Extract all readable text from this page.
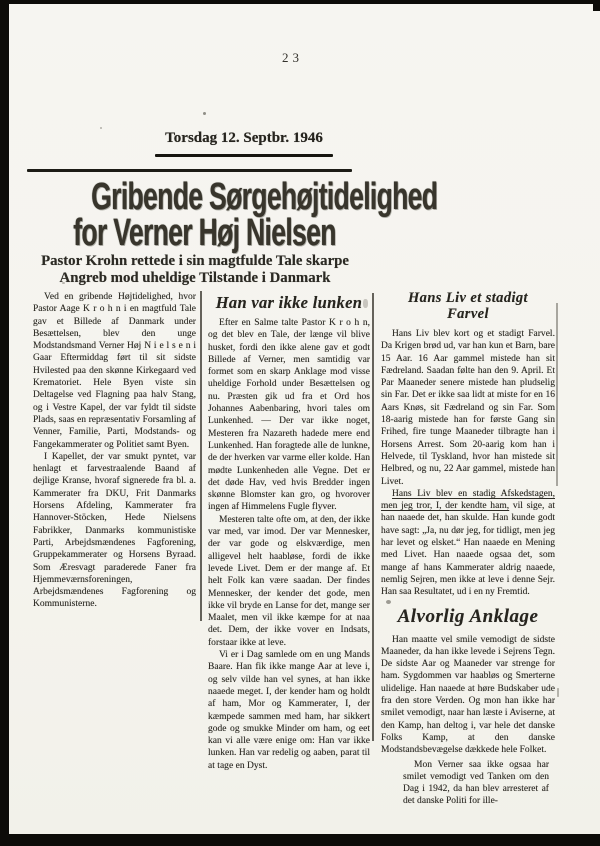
23
Torsdag 12. Septbr. 1946
Gribende Sørgehøjtidelighed
for Verner Høj Nielsen
Pastor Krohn rettede i sin magtfulde Tale skarpe
Angreb mod uheldige Tilstande i Danmark

Ved en gribende Højtidelighed, hvor Pastor Aage K r o h n i en magtfuld Tale gav et Billede af Danmark under Besættelsen, blev den unge Modstandsmand Verner Høj N i e l s e n i Gaar Eftermiddag ført til sit sidste Hvilested paa den skønne Kirkegaard ved Krematoriet. Hele Byen viste sin Deltagelse ved Flagning paa halv Stang, og i Vestre Kapel, der var fyldt til sidste Plads, saas en repræsentativ Forsamling af Venner, Familie, Parti, Modstands- og Fangekammerater og Politiet samt Byen.

I Kapellet, der var smukt pyntet, var henlagt et farvestraalende Baand af dejlige Kranse, hvoraf signerede fra bl. a. Kammerater fra DKU, Frit Danmarks Horsens Afdeling, Kammerater fra Hannover-Stöcken, Hede Nielsens Fabrikker, Danmarks kommunistiske Parti, Arbejdsmændenes Fagforening, Gruppekammerater og Horsens Byraad. Som Æresvagt paraderede Faner fra Hjemmeværnsforeningen, Arbejdsmændenes Fagforening og Kommunisterne.

Han var ikke lunken

Efter en Salme talte Pastor K r o h n, og det blev en Tale, der længe vil blive husket, fordi den ikke alene gav et godt Billede af Verner, men samtidig var formet som en skarp Anklage mod visse uheldige Forhold under Besættelsen og nu. Præsten gik ud fra et Ord hos Johannes Aabenbaring, hvori tales om Lunkenhed. — Der var ikke noget, Mesteren fra Nazareth hadede mere end Lunkenhed. Han foragtede alle de lunkne, de der hverken var varme eller kolde. Han mødte Lunkenheden alle Vegne. Det er det døde Hav, ved hvis Bredder ingen skønne Blomster kan gro, og hvorover ingen af Himmelens Fugle flyver.

Mesteren talte ofte om, at den, der ikke var med, var imod. Der var Mennesker, der var gode og elskværdige, men alligevel helt haabløse, fordi de ikke levede Livet. Dem er der mange af. Et helt Folk kan være saadan. Der findes Mennesker, der kender det gode, men ikke vil bryde en Lanse for det, mange ser Maalet, men vil ikke kæmpe for at naa det. Dem, der ikke vover en Indsats, forstaar ikke at leve.

Vi er i Dag samlede om en ung Mands Baare. Han fik ikke mange Aar at leve i, og selv vilde han vel synes, at han ikke naaede meget. I, der kender ham og holdt af ham, Mor og Kammerater, I, der kæmpede sammen med ham, har sikkert gode og smukke Minder om ham, og eet kan vi alle være enige om: Han var ikke lunken. Han var redelig og aaben, parat til at tage en Dyst.

Hans Liv et stadigt
Farvel

Hans Liv blev kort og et stadigt Farvel. Da Krigen brød ud, var han kun et Barn, bare 15 Aar. 16 Aar gammel mistede han sit Fædreland. Saadan følte han den 9. April. Et Par Maaneder senere mistede han pludselig sin Far. Det er ikke saa lidt at miste for en 16 Aars Knøs, sit Fædreland og sin Far. Som 18-aarig mistede han for første Gang sin Frihed, fire tunge Maaneder tilbragte han i Horsens Arrest. Som 20-aarig kom han i Helvede, til Tyskland, hvor han mistede sit Helbred, og nu, 22 Aar gammel, mistede han Livet.

Hans Liv blev en stadig Afskedstagen, men jeg tror, I, der kendte ham, vil sige, at han naaede det, han skulde. Han kunde godt have sagt: „Ja, nu dør jeg, for tidligt, men jeg har levet og elsket.“ Han naaede en Mening med Livet. Han naaede ogsaa det, som mange af hans Kammerater aldrig naaede, nemlig Sejren, men ikke at leve i denne Sejr. Han saa Resultatet, ud i en ny Fremtid.

Alvorlig Anklage

Han maatte vel smile vemodigt de sidste Maaneder, da han ikke levede i Sejrens Tegn. De sidste Aar og Maaneder var strenge for ham. Sygdommen var haabløs og Smerterne ulidelige. Han naaede at høre Budskaber ude fra den store Verden. Og mon han ikke har smilet vemodigt, naar han læste i Aviserne, at den Kamp, han deltog i, var hele det danske Folks Kamp, at den danske Modstandsbevægelse dækkede hele Folket.

Mon Verner saa ikke ogsaa har smilet vemodigt ved Tanken om den Dag i 1942, da han blev arresteret af det danske Politi for ille-
